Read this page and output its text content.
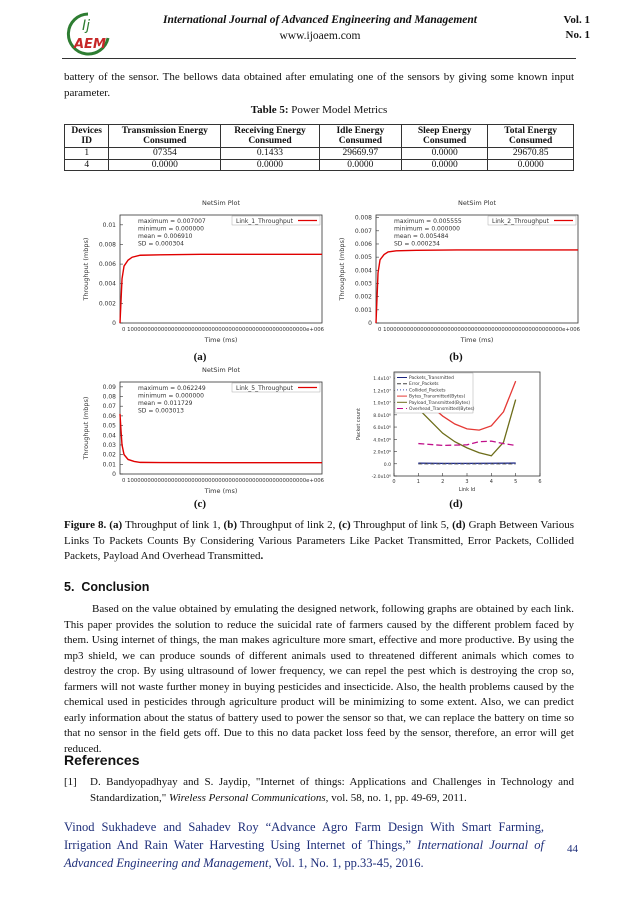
Ij
AEM
International Journal of Advanced Engineering and Management
www.ijoaem.com
Vol. 1
No. 1
battery of the sensor. The bellows data obtained after emulating one of the sensors by giving some known input parameter.
Table 5: Power Model Metrics
Devices ID	Transmission Energy Consumed	Receiving Energy Consumed	Idle Energy Consumed	Sleep Energy Consumed	Total Energy Consumed
1	07354	0.1433	29669.97	0.0000	29670.85
4	0.0000	0.0000	0.0000	0.0000	0.0000
NetSim Plot
0
0.002
0.004
0.006
0.008
0.01
0 10000000000000000000000000000000000000000000000000000e+006
Time (ms)
Throughput (mbps)
maximum = 0.007007
minimum = 0.000000
mean = 0.006910
SD = 0.000304
Link_1_Throughput
NetSim Plot
0
0.001
0.002
0.003
0.004
0.005
0.006
0.007
0.008
0 10000000000000000000000000000000000000000000000000000e+006
Time (ms)
Throughput (mbps)
maximum = 0.005555
minimum = 0.000000
mean = 0.005484
SD = 0.000234
Link_2_Throughput
(a)	(b)
NetSim Plot
0
0.01
0.02
0.03
0.04
0.05
0.06
0.07
0.08
0.09
0 10000000000000000000000000000000000000000000000000000e+006
Time (ms)
Throughput (mbps)
maximum = 0.062249
minimum = 0.000000
mean = 0.011729
SD = 0.003013
Link_5_Throughput
-2.0x10⁶
0.0
2.0x10⁶
4.0x10⁶
6.0x10⁶
8.0x10⁶
1.0x10⁷
1.2x10⁷
1.4x10⁷
0	1	2	3	4	5	6
Link Id
Packet count
Packets_Transmitted
Error_Packets
Collided_Packets
Bytes_Transmitted(Bytes)
Payload_Transmitted(Bytes)
Overhead_Transmitted(Bytes)
(c)	(d)
Figure 8. (a) Throughput of link 1, (b) Throughput of link 2, (c) Throughput of link 5, (d) Graph Between Various Links To Packets Counts By Considering Various Parameters Like Packet Transmitted, Error Packets, Collided Packets, Payload And Overhead Transmitted.
5. Conclusion
Based on the value obtained by emulating the designed network, following graphs are obtained by each link. This paper provides the solution to reduce the suicidal rate of farmers caused by the different problem faced by them. Using internet of things, the man makes agriculture more smart, effective and more productive. By using the mp3 shield, we can produce sounds of different animals used to threatened different animals which comes to destroy the crop. By using ultrasound of lower frequency, we can repel the pest which is destroying the crop so, farmers will not waste further money in buying pesticides and insecticide. Also, the health problems caused by the chemical used in pesticides through agriculture product will be minimizing to some extent. Also, we can predict early information about the status of battery used to power the sensor so that, we can replace the battery on time so that no sensor in the field gets off. Due to this no data packet loss feed by the sensor, therefore, an error will get reduced.
References
[1]	D. Bandyopadhyay and S. Jaydip, "Internet of things: Applications and Challenges in Technology and Standardization," Wireless Personal Communications, vol. 58, no. 1, pp. 49-69, 2011.
Vinod Sukhadeve and Sahadev Roy “Advance Agro Farm Design With Smart Farming, Irrigation And Rain Water Harvesting Using Internet of Things,” International Journal of Advanced Engineering and Management, Vol. 1, No. 1, pp.33-45, 2016.
44
